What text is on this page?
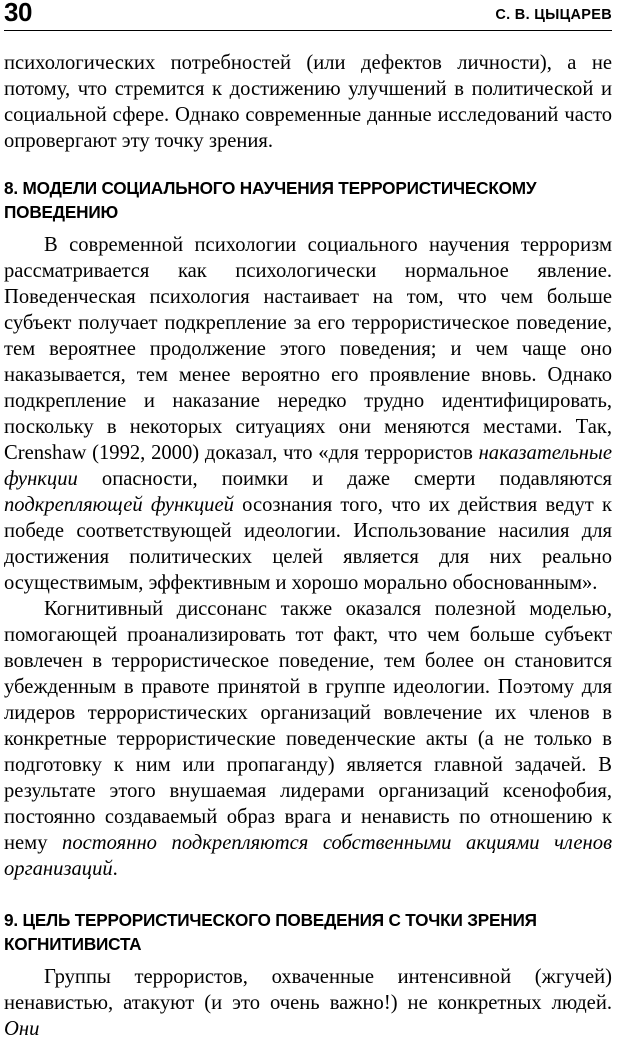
30	С. В. ЦЫЦАРЕВ

психологических потребностей (или дефектов личности), а не потому, что стремится к достижению улучшений в политической и социальной сфере. Однако современные данные исследований часто опровергают эту точку зрения.

8. МОДЕЛИ СОЦИАЛЬНОГО НАУЧЕНИЯ ТЕРРОРИСТИЧЕСКОМУ
ПОВЕДЕНИЮ

В современной психологии социального научения терроризм рассматривается как психологически нормальное явление. Поведенческая психология настаивает на том, что чем больше субъект получает подкрепление за его террористическое поведение, тем вероятнее продолжение этого поведения; и чем чаще оно наказывается, тем менее вероятно его проявление вновь. Однако подкрепление и наказание нередко трудно идентифицировать, поскольку в некоторых ситуациях они меняются местами. Так, Crenshaw (1992, 2000) доказал, что «для террористов наказательные функции опасности, поимки и даже смерти подавляются подкрепляющей функцией осознания того, что их действия ведут к победе соответствующей идеологии. Использование насилия для достижения политических целей является для них реально осуществимым, эффективным и хорошо морально обоснованным».

Когнитивный диссонанс также оказался полезной моделью, помогающей проанализировать тот факт, что чем больше субъект вовлечен в террористическое поведение, тем более он становится убежденным в правоте принятой в группе идеологии. Поэтому для лидеров террористических организаций вовлечение их членов в конкретные террористические поведенческие акты (а не только в подготовку к ним или пропаганду) является главной задачей. В результате этого внушаемая лидерами организаций ксенофобия, постоянно создаваемый образ врага и ненависть по отношению к нему постоянно подкрепляются собственными акциями членов организаций.

9. ЦЕЛЬ ТЕРРОРИСТИЧЕСКОГО ПОВЕДЕНИЯ С ТОЧКИ ЗРЕНИЯ
КОГНИТИВИСТА

Группы террористов, охваченные интенсивной (жгучей) ненавистью, атакуют (и это очень важно!) не конкретных людей. Они
